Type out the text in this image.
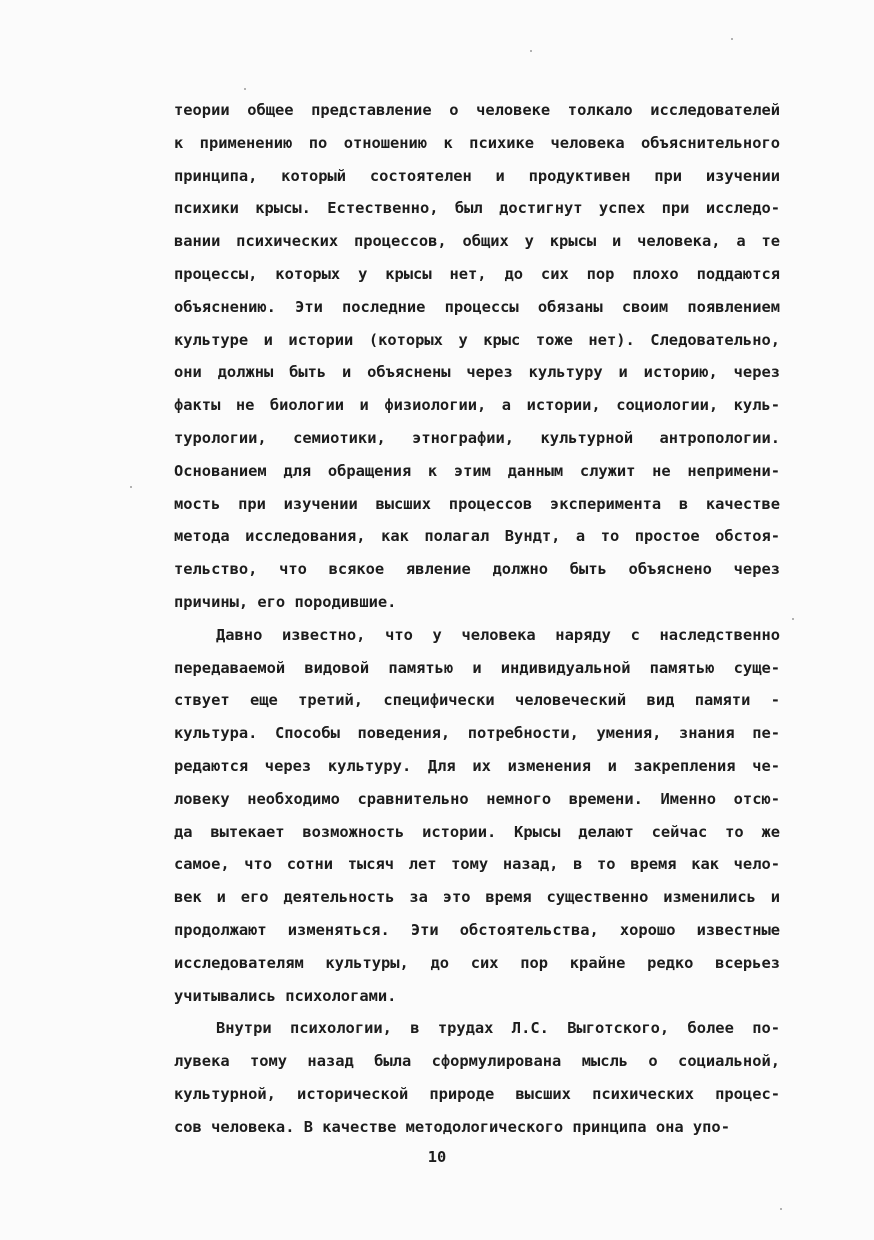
теории общее представление о человеке толкало исследователей
к применению по отношению к психике человека объяснительного
принципа, который состоятелен и продуктивен при изучении
психики крысы. Естественно, был достигнут успех при исследо-
вании психических процессов, общих у крысы и человека, а те
процессы, которых у крысы нет, до сих пор плохо поддаются
объяснению. Эти последние процессы обязаны своим появлением
культуре и истории (которых у крыс тоже нет). Следовательно,
они должны быть и объяснены через культуру и историю, через
факты не биологии и физиологии, а истории, социологии, куль-
турологии, семиотики, этнографии, культурной антропологии.
Основанием для обращения к этим данным служит не непримени-
мость при изучении высших процессов эксперимента в качестве
метода исследования, как полагал Вундт, а то простое обстоя-
тельство, что всякое явление должно быть объяснено через
причины, его породившие.
Давно известно, что у человека наряду с наследственно
передаваемой видовой памятью и индивидуальной памятью суще-
ствует еще третий, специфически человеческий вид памяти -
культура. Способы поведения, потребности, умения, знания пе-
редаются через культуру. Для их изменения и закрепления че-
ловеку необходимо сравнительно немного времени. Именно отсю-
да вытекает возможность истории. Крысы делают сейчас то же
самое, что сотни тысяч лет тому назад, в то время как чело-
век и его деятельность за это время существенно изменились и
продолжают изменяться. Эти обстоятельства, хорошо известные
исследователям культуры, до сих пор крайне редко всерьез
учитывались психологами.
Внутри психологии, в трудах Л.С. Выготского, более по-
лувека тому назад была сформулирована мысль о социальной,
культурной, исторической природе высших психических процес-
сов человека. В качестве методологического принципа она упо-
10
